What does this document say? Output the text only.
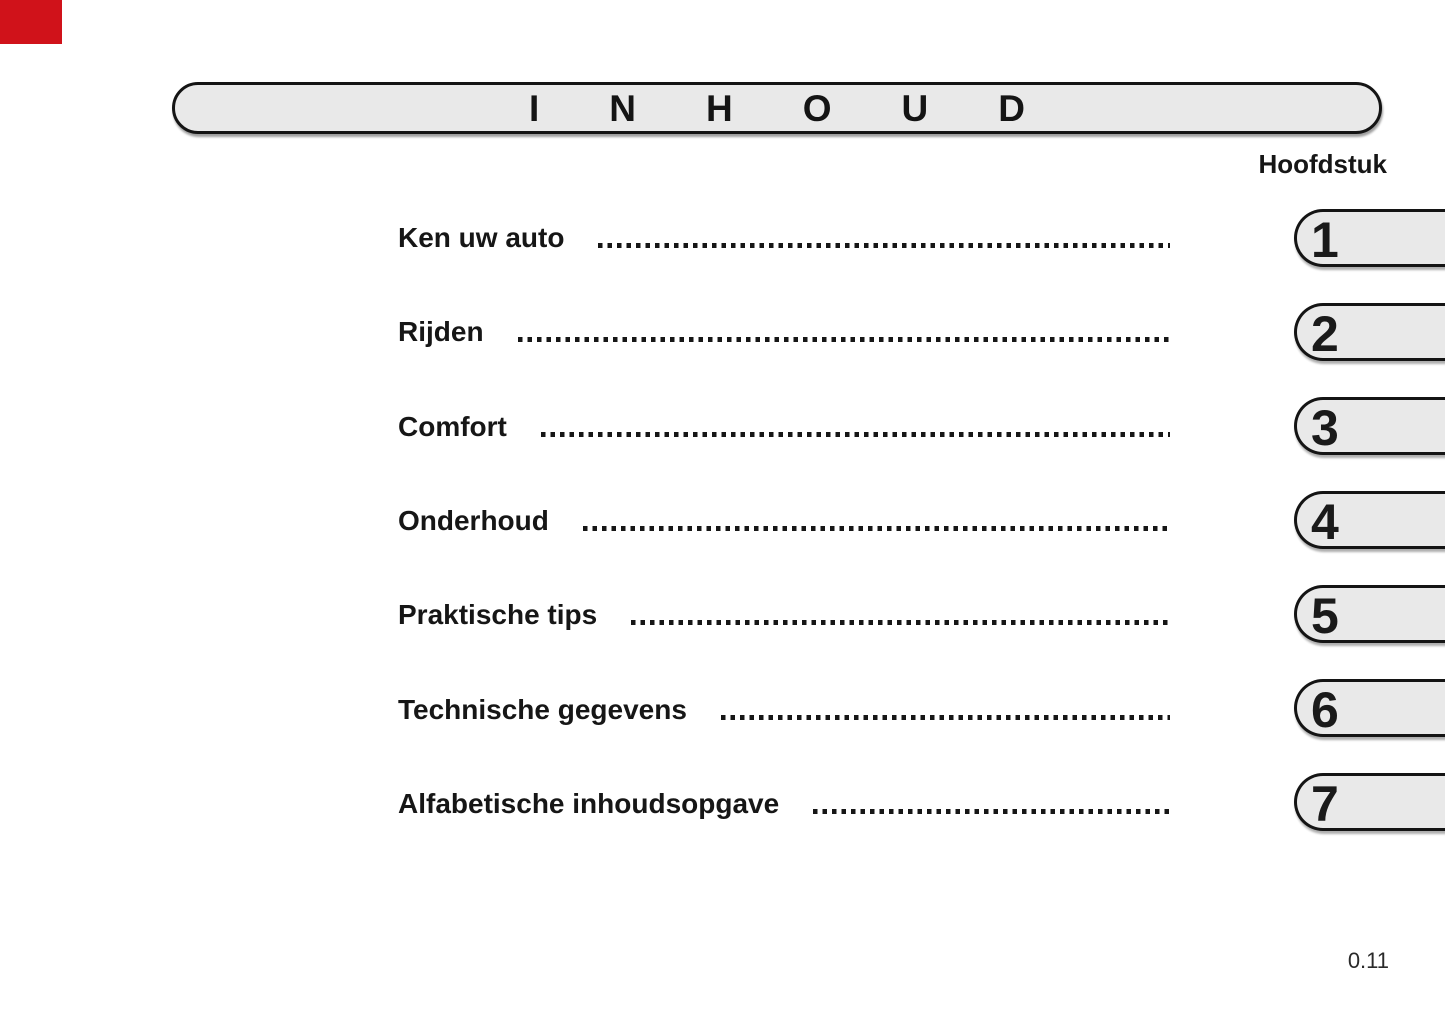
INHOUD
Hoofdstuk
Ken uw auto
Rijden
Comfort
Onderhoud
Praktische tips
Technische gegevens
Alfabetische inhoudsopgave
1
2
3
4
5
6
7
0.11
